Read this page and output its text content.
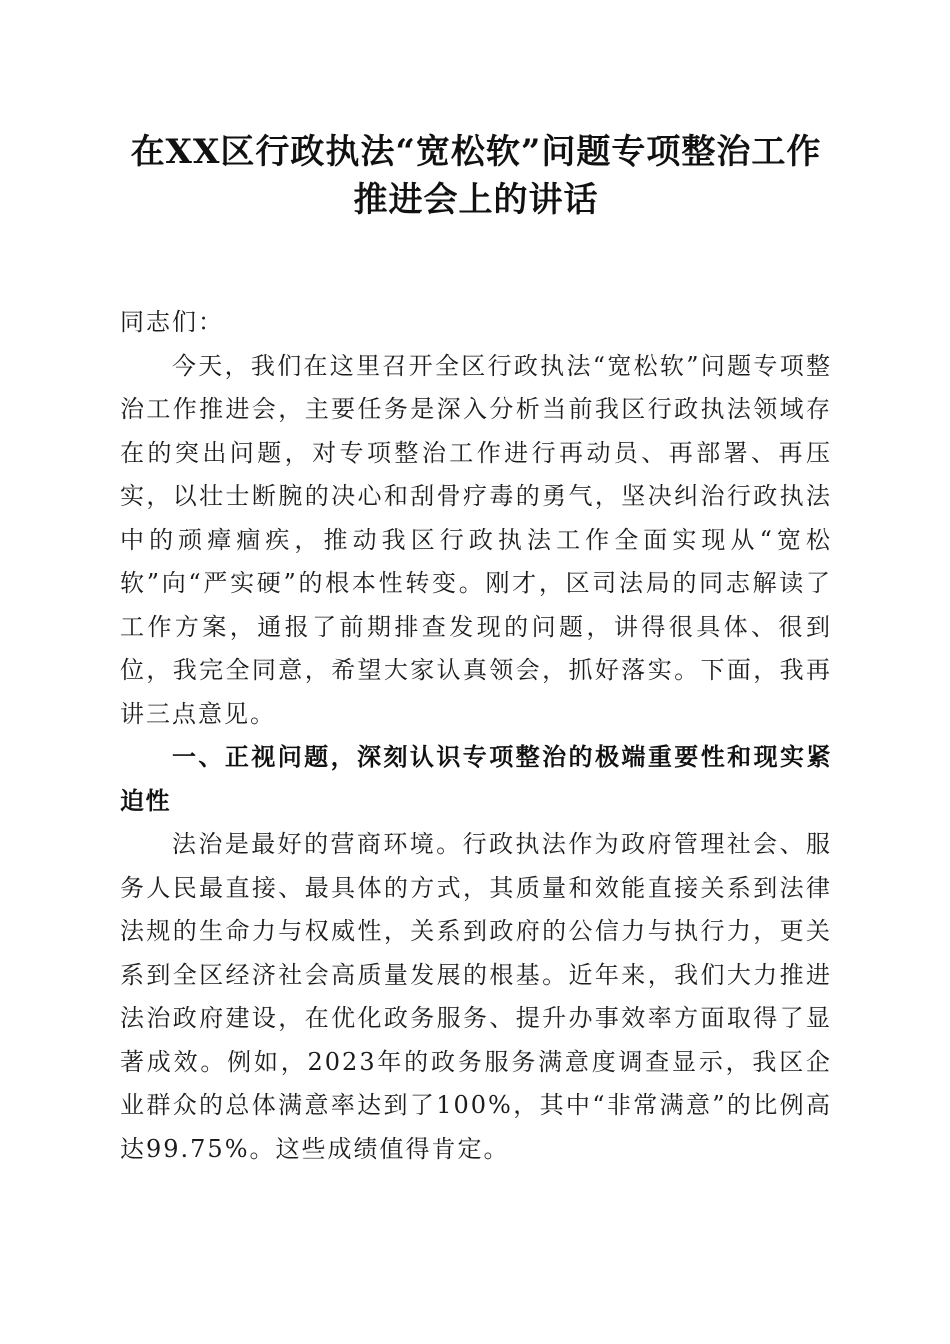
在XX区行政执法“宽松软”问题专项整治工作推进会上的讲话

同志们：

今天，我们在这里召开全区行政执法“宽松软”问题专项整治工作推进会，主要任务是深入分析当前我区行政执法领域存在的突出问题，对专项整治工作进行再动员、再部署、再压实，以壮士断腕的决心和刮骨疗毒的勇气，坚决纠治行政执法中的顽瘴痼疾，推动我区行政执法工作全面实现从“宽松软”向“严实硬”的根本性转变。刚才，区司法局的同志解读了工作方案，通报了前期排查发现的问题，讲得很具体、很到位，我完全同意，希望大家认真领会，抓好落实。下面，我再讲三点意见。

一、正视问题，深刻认识专项整治的极端重要性和现实紧迫性

法治是最好的营商环境。行政执法作为政府管理社会、服务人民最直接、最具体的方式，其质量和效能直接关系到法律法规的生命力与权威性，关系到政府的公信力与执行力，更关系到全区经济社会高质量发展的根基。近年来，我们大力推进法治政府建设，在优化政务服务、提升办事效率方面取得了显著成效。例如，2023年的政务服务满意度调查显示，我区企业群众的总体满意率达到了100%，其中“非常满意”的比例高达99.75%。这些成绩值得肯定。
